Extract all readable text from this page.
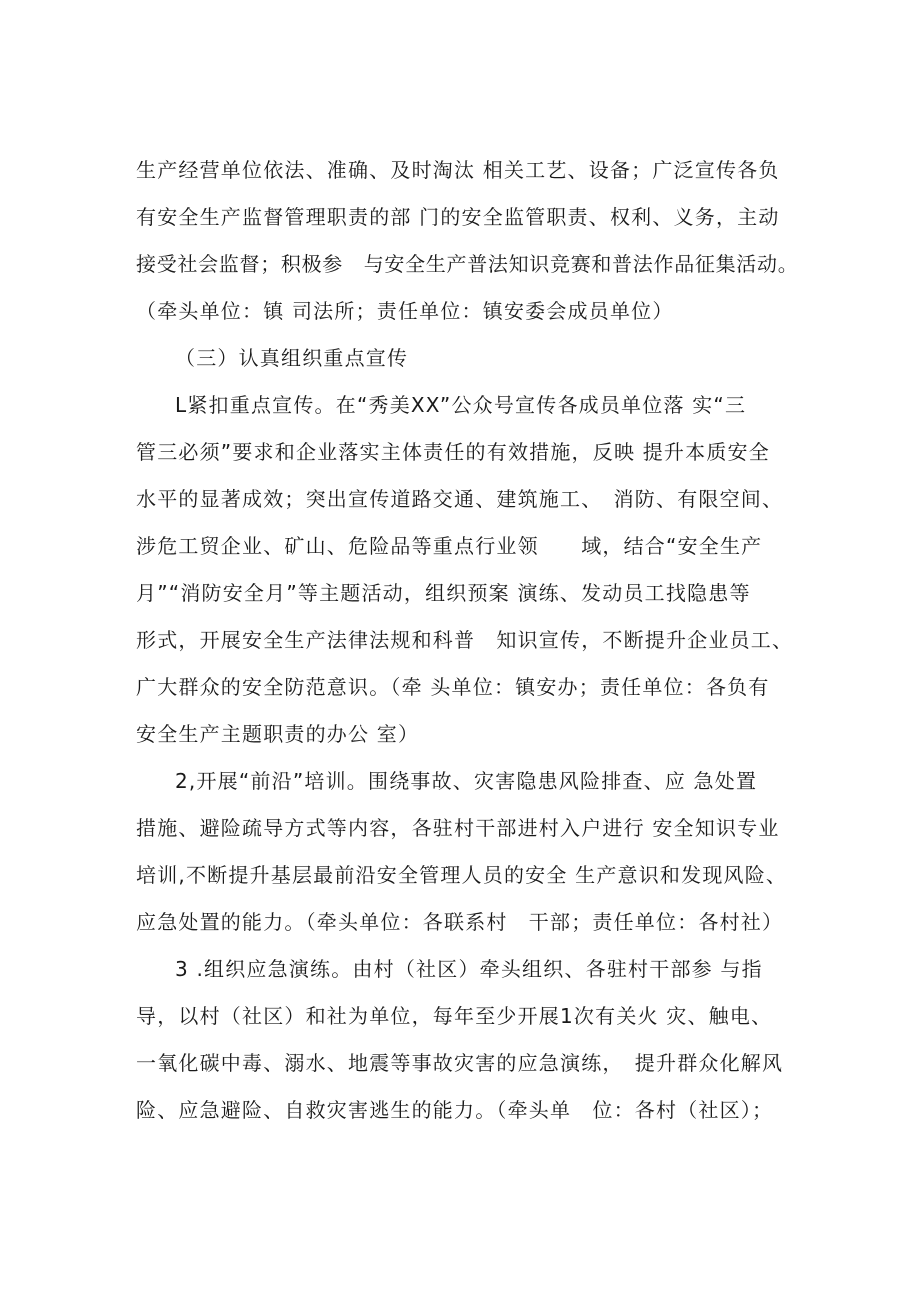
生产经营单位依法、准确、及时淘汰 相关工艺、设备；广泛宣传各负
有安全生产监督管理职责的部 门的安全监管职责、权利、义务，主动
接受社会监督；积极参　与安全生产普法知识竞赛和普法作品征集活动。
（牵头单位：镇 司法所；责任单位：镇安委会成员单位）
（三）认真组织重点宣传
L紧扣重点宣传。在“秀美XX”公众号宣传各成员单位落 实“三
管三必须”要求和企业落实主体责任的有效措施，反映 提升本质安全
水平的显著成效；突出宣传道路交通、建筑施工、　消防、有限空间、
涉危工贸企业、矿山、危险品等重点行业领　　域，结合“安全生产
月”“消防安全月”等主题活动，组织预案 演练、发动员工找隐患等
形式，开展安全生产法律法规和科普　知识宣传，不断提升企业员工、
广大群众的安全防范意识。（牵 头单位：镇安办；责任单位：各负有
安全生产主题职责的办公 室）
2,开展“前沿”培训。围绕事故、灾害隐患风险排查、应 急处置
措施、避险疏导方式等内容，各驻村干部进村入户进行 安全知识专业
培训,不断提升基层最前沿安全管理人员的安全 生产意识和发现风险、
应急处置的能力。（牵头单位：各联系村　干部；责任单位：各村社）
3 .组织应急演练。由村（社区）牵头组织、各驻村干部参 与指
导，以村（社区）和社为单位，每年至少开展1次有关火 灾、触电、
一氧化碳中毒、溺水、地震等事故灾害的应急演练，　提升群众化解风
险、应急避险、自救灾害逃生的能力。（牵头单　位：各村（社区）；
